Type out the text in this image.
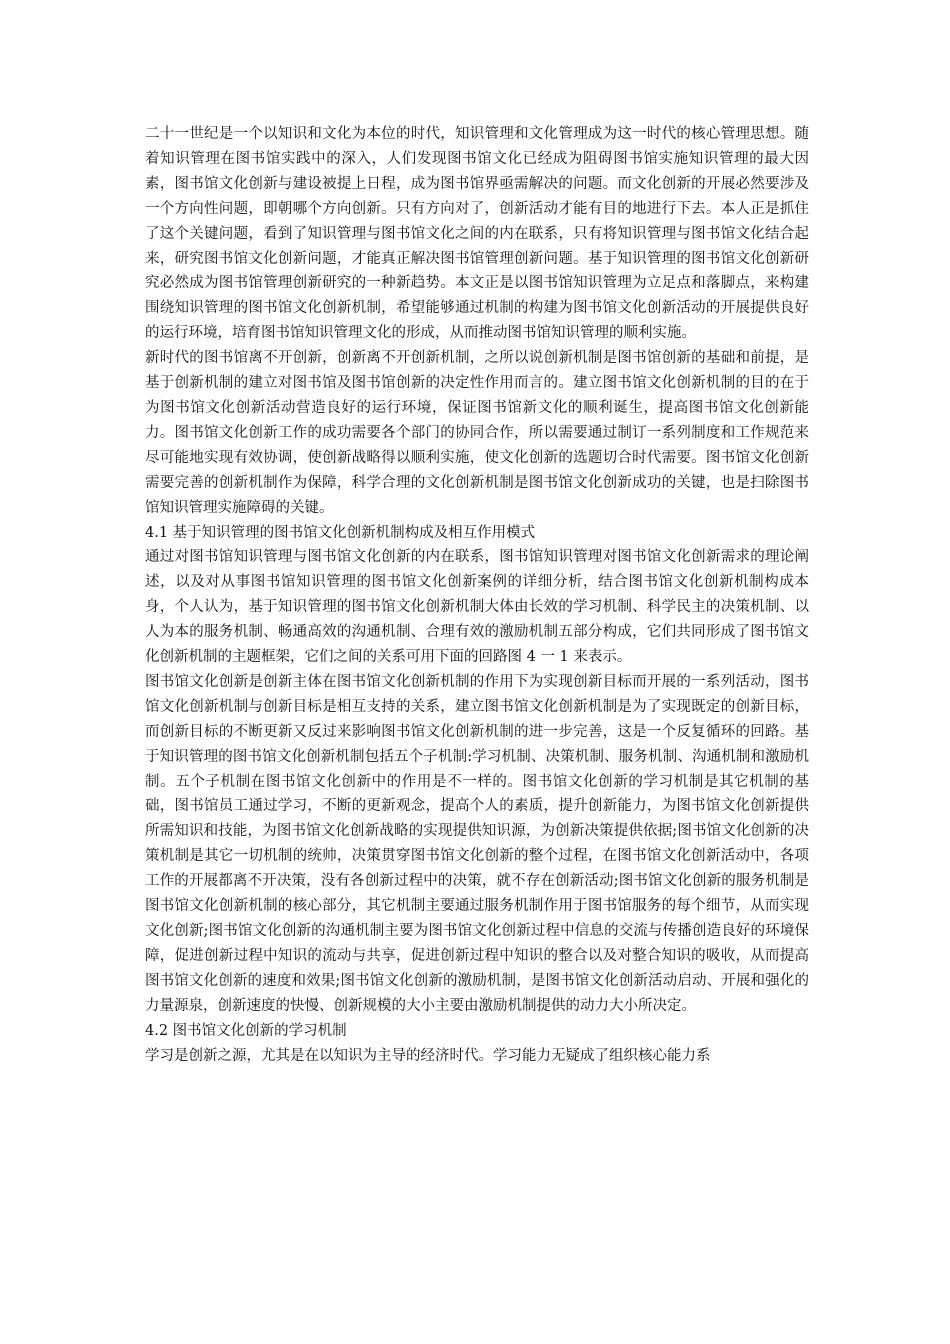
二十一世纪是一个以知识和文化为本位的时代，知识管理和文化管理成为这一时代的核心管理思想。随着知识管理在图书馆实践中的深入，人们发现图书馆文化已经成为阻碍图书馆实施知识管理的最大因素，图书馆文化创新与建设被提上日程，成为图书馆界亟需解决的问题。而文化创新的开展必然要涉及一个方向性问题，即朝哪个方向创新。只有方向对了，创新活动才能有目的地进行下去。本人正是抓住了这个关键问题，看到了知识管理与图书馆文化之间的内在联系，只有将知识管理与图书馆文化结合起来，研究图书馆文化创新问题，才能真正解决图书馆管理创新问题。基于知识管理的图书馆文化创新研究必然成为图书馆管理创新研究的一种新趋势。本文正是以图书馆知识管理为立足点和落脚点，来构建围绕知识管理的图书馆文化创新机制，希望能够通过机制的构建为图书馆文化创新活动的开展提供良好的运行环境，培育图书馆知识管理文化的形成，从而推动图书馆知识管理的顺利实施。

新时代的图书馆离不开创新，创新离不开创新机制，之所以说创新机制是图书馆创新的基础和前提，是基于创新机制的建立对图书馆及图书馆创新的决定性作用而言的。建立图书馆文化创新机制的目的在于为图书馆文化创新活动营造良好的运行环境，保证图书馆新文化的顺利诞生，提高图书馆文化创新能力。图书馆文化创新工作的成功需要各个部门的协同合作，所以需要通过制订一系列制度和工作规范来尽可能地实现有效协调，使创新战略得以顺利实施，使文化创新的选题切合时代需要。图书馆文化创新需要完善的创新机制作为保障，科学合理的文化创新机制是图书馆文化创新成功的关键，也是扫除图书馆知识管理实施障碍的关键。

4.1 基于知识管理的图书馆文化创新机制构成及相互作用模式

通过对图书馆知识管理与图书馆文化创新的内在联系，图书馆知识管理对图书馆文化创新需求的理论阐述，以及对从事图书馆知识管理的图书馆文化创新案例的详细分析，结合图书馆文化创新机制构成本身，个人认为，基于知识管理的图书馆文化创新机制大体由长效的学习机制、科学民主的决策机制、以人为本的服务机制、畅通高效的沟通机制、合理有效的激励机制五部分构成，它们共同形成了图书馆文化创新机制的主题框架，它们之间的关系可用下面的回路图 4 一 1 来表示。

图书馆文化创新是创新主体在图书馆文化创新机制的作用下为实现创新目标而开展的一系列活动，图书馆文化创新机制与创新目标是相互支持的关系，建立图书馆文化创新机制是为了实现既定的创新目标，而创新目标的不断更新又反过来影响图书馆文化创新机制的进一步完善，这是一个反复循环的回路。基于知识管理的图书馆文化创新机制包括五个子机制:学习机制、决策机制、服务机制、沟通机制和激励机制。五个子机制在图书馆文化创新中的作用是不一样的。图书馆文化创新的学习机制是其它机制的基础，图书馆员工通过学习，不断的更新观念，提高个人的素质，提升创新能力，为图书馆文化创新提供所需知识和技能，为图书馆文化创新战略的实现提供知识源，为创新决策提供依据;图书馆文化创新的决策机制是其它一切机制的统帅，决策贯穿图书馆文化创新的整个过程，在图书馆文化创新活动中，各项工作的开展都离不开决策，没有各创新过程中的决策，就不存在创新活动;图书馆文化创新的服务机制是图书馆文化创新机制的核心部分，其它机制主要通过服务机制作用于图书馆服务的每个细节，从而实现文化创新;图书馆文化创新的沟通机制主要为图书馆文化创新过程中信息的交流与传播创造良好的环境保障，促进创新过程中知识的流动与共享，促进创新过程中知识的整合以及对整合知识的吸收，从而提高图书馆文化创新的速度和效果;图书馆文化创新的激励机制，是图书馆文化创新活动启动、开展和强化的力量源泉，创新速度的快慢、创新规模的大小主要由激励机制提供的动力大小所决定。

4.2 图书馆文化创新的学习机制

学习是创新之源，尤其是在以知识为主导的经济时代。学习能力无疑成了组织核心能力系
